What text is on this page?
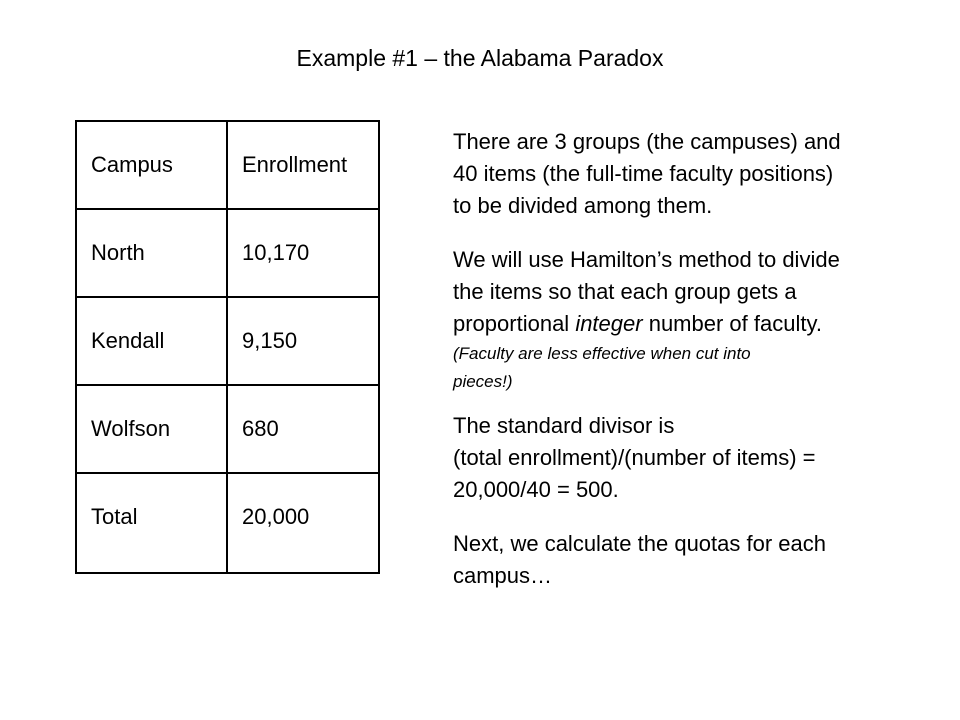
Example #1 – the Alabama Paradox
Campus	Enrollment
North	10,170
Kendall	9,150
Wolfson	680
Total	20,000
There are 3 groups (the campuses) and
40 items (the full-time faculty positions)
to be divided among them.
We will use Hamilton’s method to divide
the items so that each group gets a
proportional integer number of faculty.
(Faculty are less effective when cut into
pieces!)
The standard divisor is
(total enrollment)/(number of items) =
20,000/40 = 500.
Next, we calculate the quotas for each
campus…
